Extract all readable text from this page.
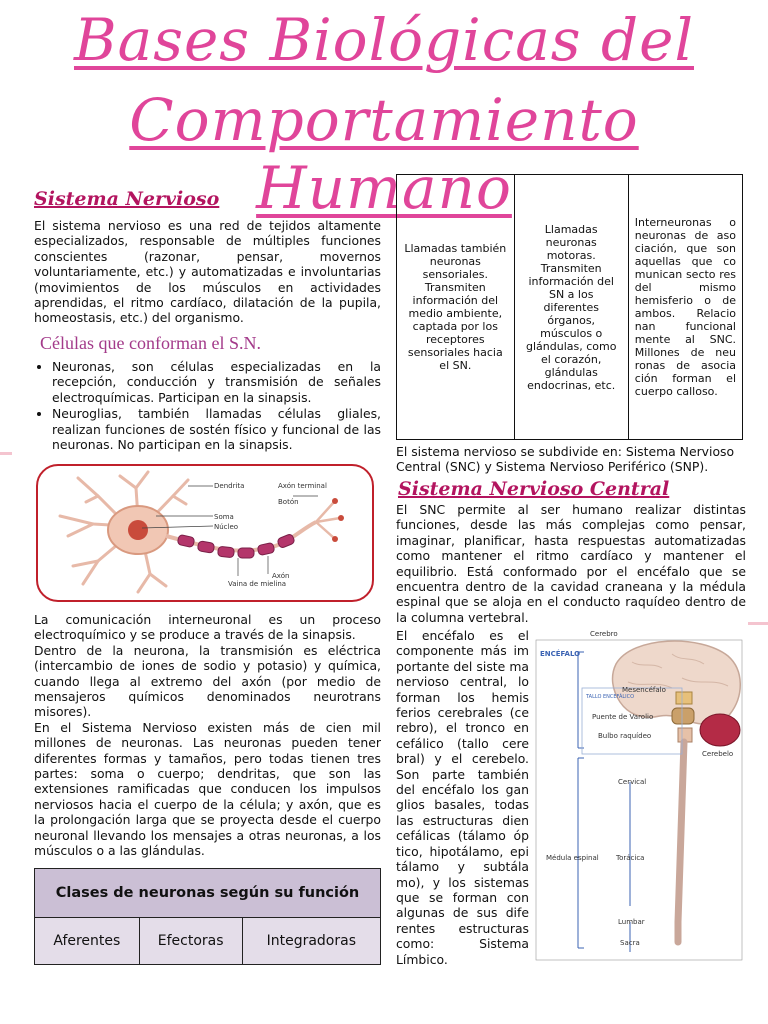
Bases Biológicas del
Comportamiento Humano
Sistema Nervioso
El sistema nervioso es una red de tejidos altamente especializados, responsable de múltiples funciones conscientes (razonar, pensar, movernos voluntariamente, etc.) y automatizadas e involuntarias (movimientos de los músculos en actividades aprendidas, el ritmo cardíaco, dilatación de la pupila, homeostasis, etc.) del organismo.
Células que conforman el S.N.
• Neuronas, son células especializadas en la recepción, conducción y transmisión de señales electroquímicas. Participan en la sinapsis.
• Neuroglias, también llamadas células gliales, realizan funciones de sostén físico y funcional de las neuronas. No participan en la sinapsis.
Dendrita	Axón terminal
Botón
Soma
Núcleo
Axón
Vaina de mielina
La comunicación interneuronal es un proceso electroquímico y se produce a través de la sinapsis.
Dentro de la neurona, la transmisión es eléctrica (intercambio de iones de sodio y potasio) y química, cuando llega al extremo del axón (por medio de mensajeros químicos denominados neurotrans misores).
En el Sistema Nervioso existen más de cien mil millones de neuronas. Las neuronas pueden tener diferentes formas y tamaños, pero todas tienen tres partes: soma o cuerpo; dendritas, que son las extensiones ramificadas que conducen los impulsos nerviosos hacia el cuerpo de la célula; y axón, que es la prolongación larga que se proyecta desde el cuerpo neuronal llevando los mensajes a otras neuronas, a los músculos o a las glándulas.
Clases de neuronas según su función
Aferentes	Efectoras	Integradoras
Llamadas también neuronas sensoriales. Transmiten información del medio ambiente, captada por los receptores sensoriales hacia el SN.	Llamadas neuronas motoras. Transmiten información del SN a los diferentes órganos, músculos o glándulas, como el corazón, glándulas endocrinas, etc.	Interneuronas o neuronas de aso ciación, que son aquellas que co munican secto res del mismo hemisferio o de ambos. Relacio nan funcional mente al SNC. Millones de neu ronas de asocia ción forman el cuerpo calloso.
El sistema nervioso se subdivide en: Sistema Nervioso Central (SNC) y Sistema Nervioso Periférico (SNP).
Sistema Nervioso Central
El SNC permite al ser humano realizar distintas funciones, desde las más complejas como pensar, imaginar, planificar, hasta respuestas automatizadas como mantener el ritmo cardíaco y mantener el equilibrio. Está conformado por el encéfalo que se encuentra dentro de la cavidad craneana y la médula espinal que se aloja en el conducto raquídeo dentro de la columna vertebral.
El encéfalo es el componente más im portante del siste ma nervioso central, lo forman los hemis ferios cerebrales (ce rebro), el tronco en cefálico (tallo cere bral) y el cerebelo. Son parte también del encéfalo los gan glios basales, todas las estructuras dien cefálicas (tálamo óp tico, hipotálamo, epi tálamo y subtála mo), y los sistemas que se forman con algunas de sus dife rentes estructuras como: Sistema Límbico.
Cerebro
ENCÉFALO
TALLO ENCEFÁLICO
Mesencéfalo
Puente de Varolio
Bulbo raquídeo
Cerebelo
Cervical
Médula espinal Torácica
Lumbar
Sacra
